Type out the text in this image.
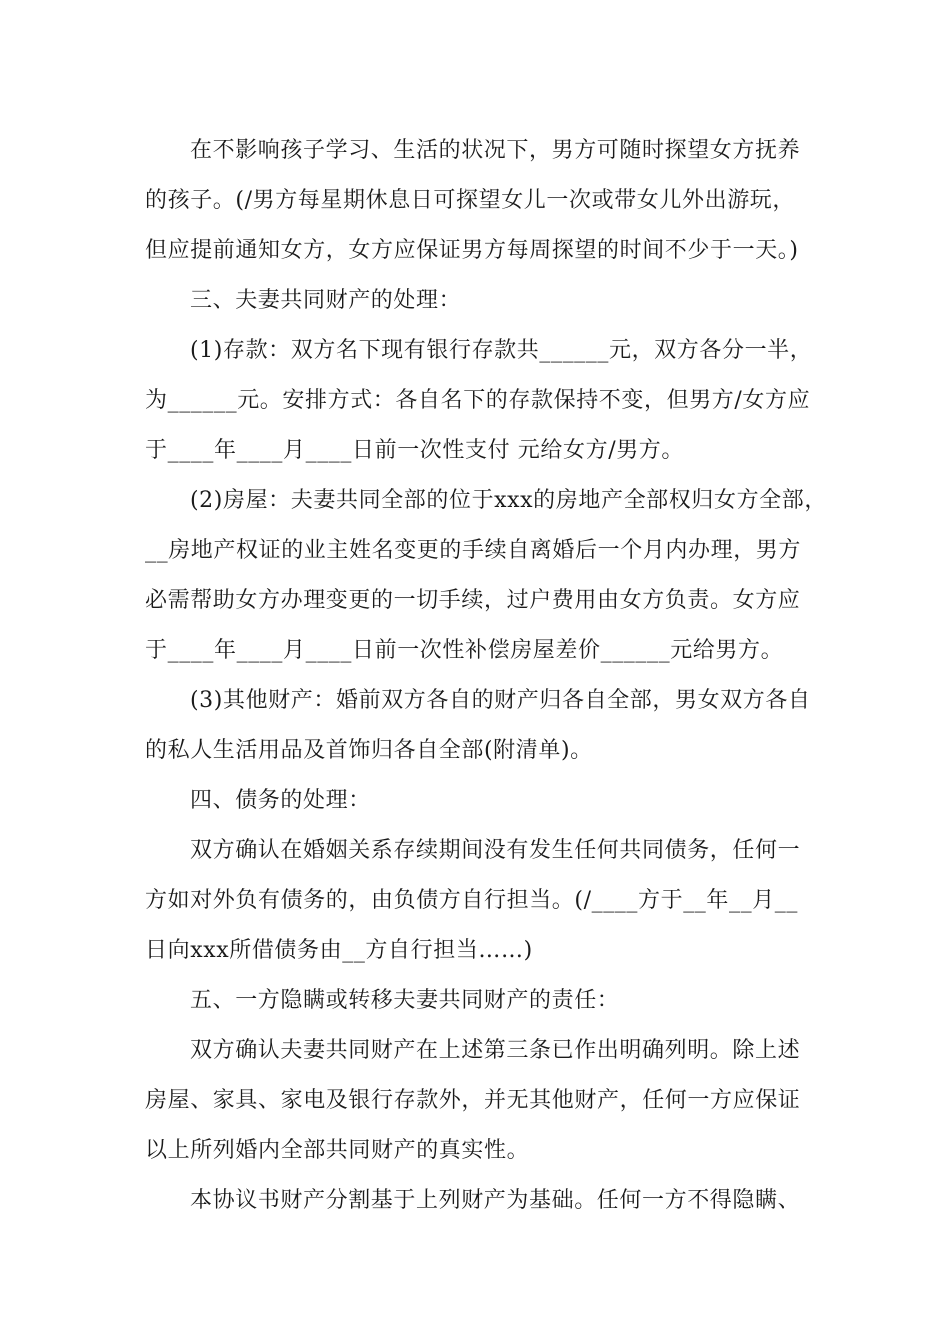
在不影响孩子学习、生活的状况下，男方可随时探望女方抚养
的孩子。(/男方每星期休息日可探望女儿一次或带女儿外出游玩，
但应提前通知女方，女方应保证男方每周探望的时间不少于一天。)
三、夫妻共同财产的处理：
(1)存款：双方名下现有银行存款共______元，双方各分一半，
为______元。安排方式：各自名下的存款保持不变，但男方/女方应
于____年____月____日前一次性支付 元给女方/男方。
(2)房屋：夫妻共同全部的位于xxx的房地产全部权归女方全部，
__房地产权证的业主姓名变更的手续自离婚后一个月内办理，男方
必需帮助女方办理变更的一切手续，过户费用由女方负责。女方应
于____年____月____日前一次性补偿房屋差价______元给男方。
(3)其他财产：婚前双方各自的财产归各自全部，男女双方各自
的私人生活用品及首饰归各自全部(附清单)。
四、债务的处理：
双方确认在婚姻关系存续期间没有发生任何共同债务，任何一
方如对外负有债务的，由负债方自行担当。(/____方于__年__月__
日向xxx所借债务由__方自行担当……)
五、一方隐瞒或转移夫妻共同财产的责任：
双方确认夫妻共同财产在上述第三条已作出明确列明。除上述
房屋、家具、家电及银行存款外，并无其他财产，任何一方应保证
以上所列婚内全部共同财产的真实性。
本协议书财产分割基于上列财产为基础。任何一方不得隐瞒、
